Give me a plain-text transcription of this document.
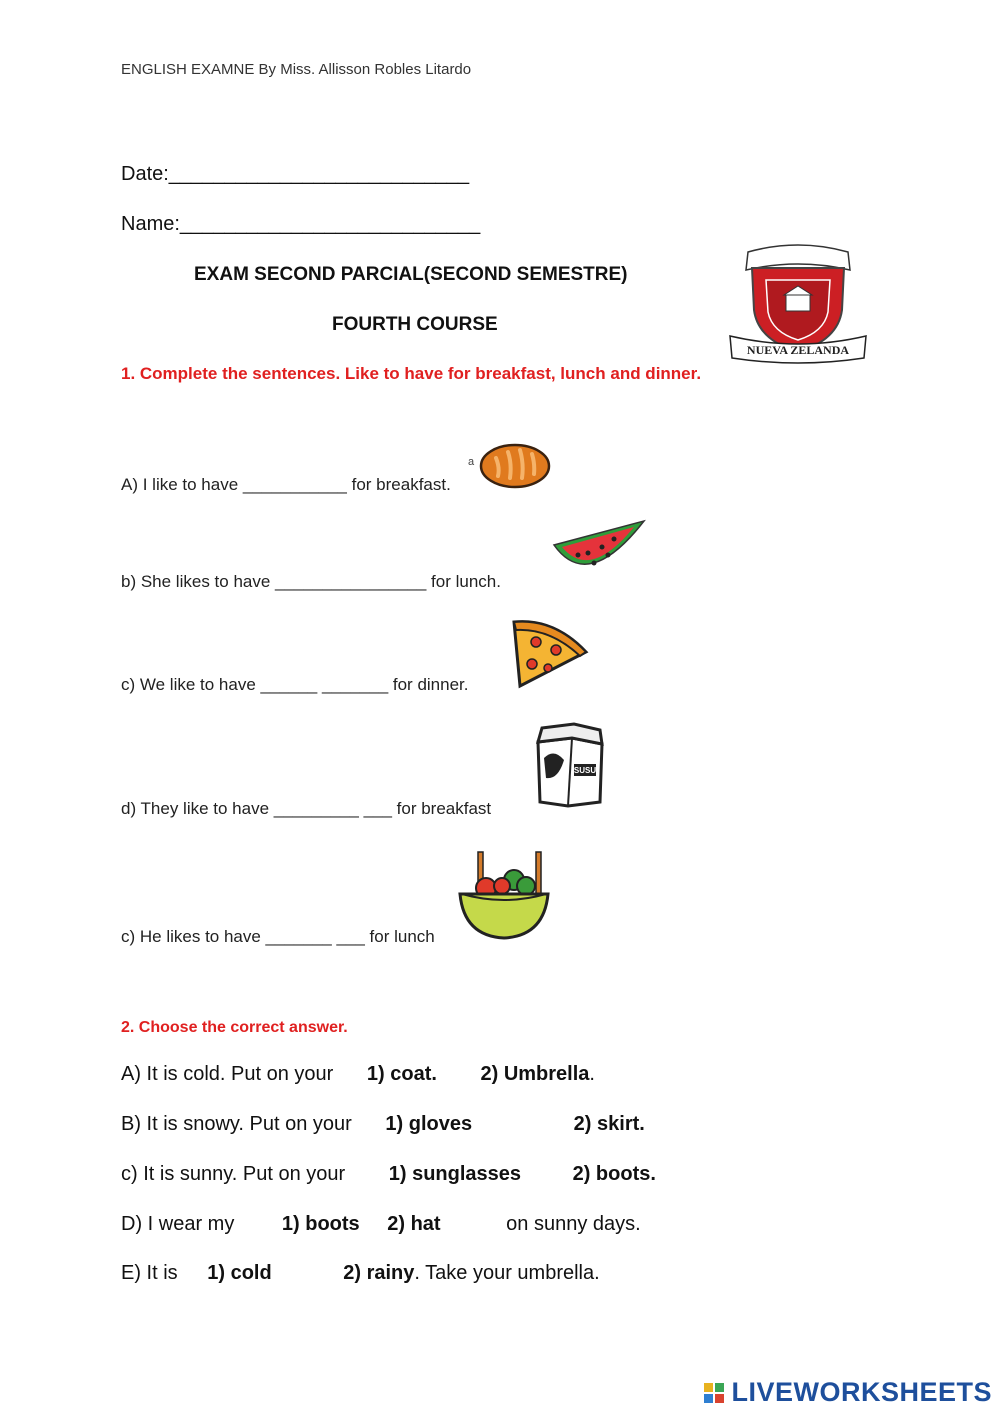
ENGLISH EXAMNE By Miss. Allisson Robles Litardo
Date:___________________________
Name:___________________________
EXAM SECOND PARCIAL(SECOND SEMESTRE)
FOURTH COURSE
NUEVA ZELANDA
1. Complete the sentences. Like to have for breakfast, lunch and dinner.
A) I like to have ___________ for breakfast.
a
b) She likes to have ________________ for lunch.
c) We like to have ______ _______ for dinner.
d) They like to have _________ ___ for breakfast
SUSU
c) He likes to have _______ ___ for lunch
2. Choose the correct answer.
A) It is cold. Put on your 1) coat. 2) Umbrella.
B) It is snowy. Put on your 1) gloves	2) skirt.
c) It is sunny. Put on your 1) sunglasses	2) boots.
D) I wear my 1) boots 2) hat	on sunny days.
E) It is 1) cold	2) rainy. Take your umbrella.
LIVEWORKSHEETS
